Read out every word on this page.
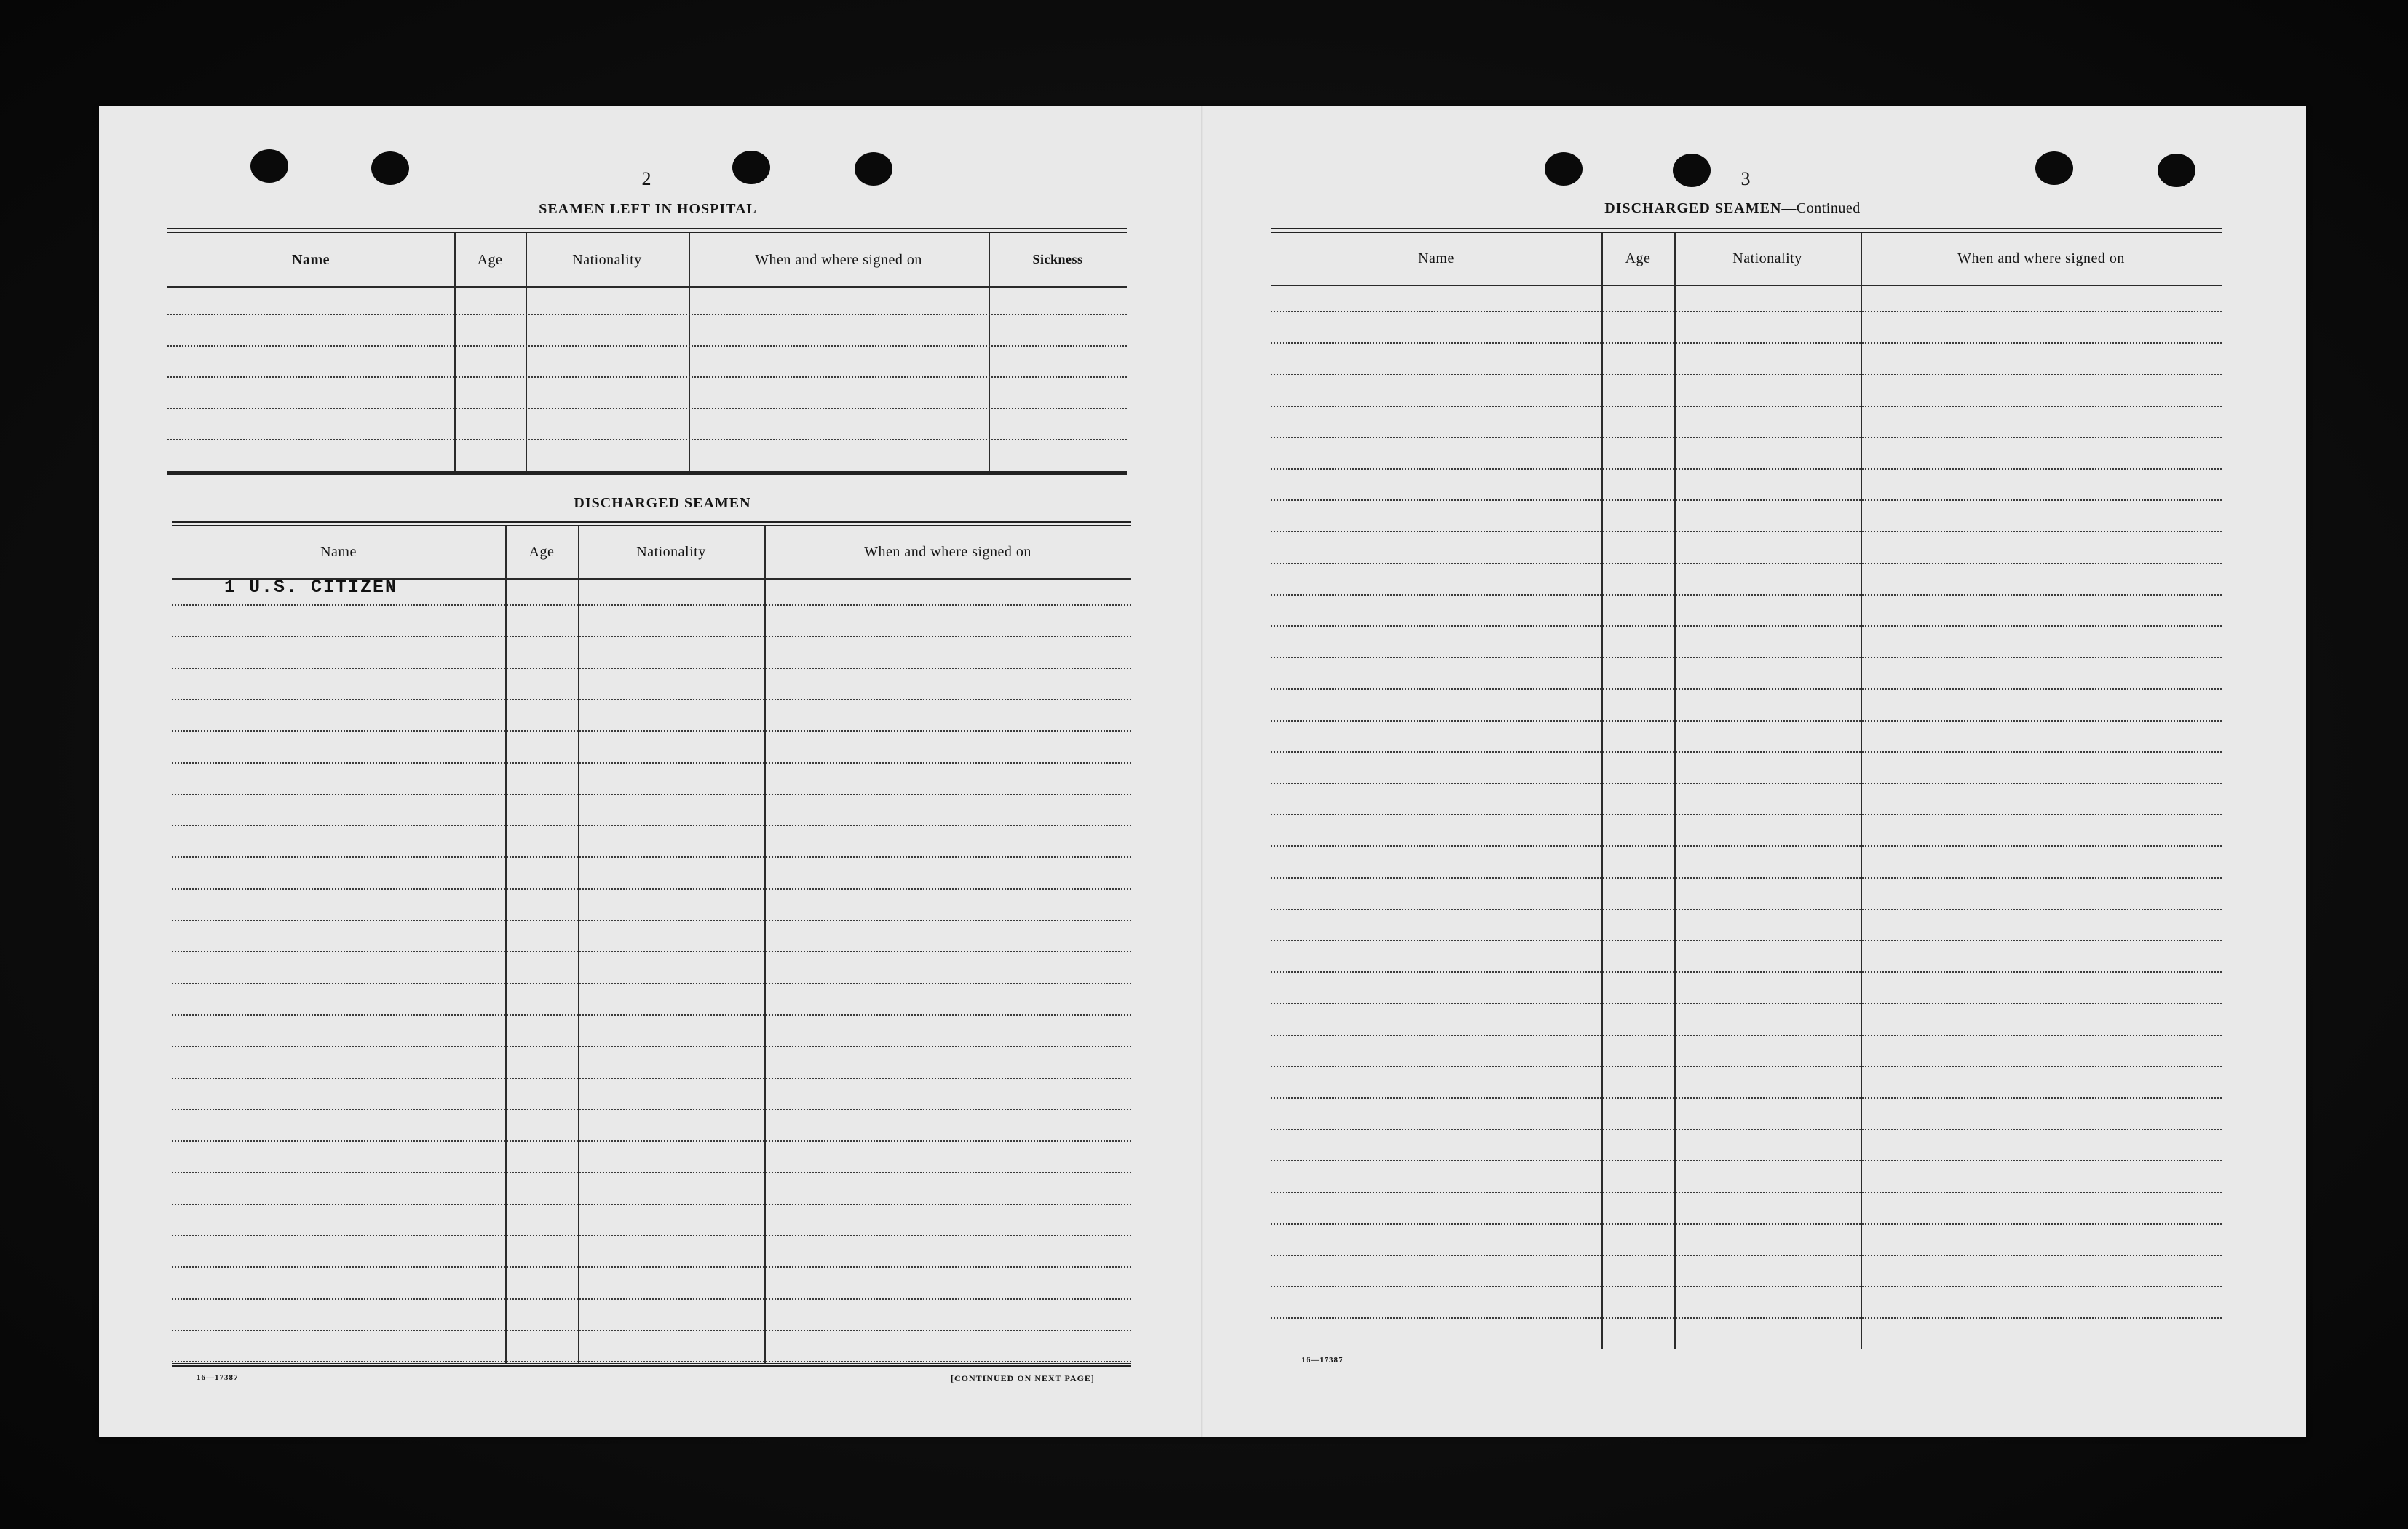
2
SEAMEN LEFT IN HOSPITAL
Name	Age	Nationality	When and where signed on	Sickness
DISCHARGED SEAMEN
Name	Age	Nationality	When and where signed on
1 U.S. CITIZEN
16—17387	[CONTINUED ON NEXT PAGE]
3
DISCHARGED SEAMEN—Continued
Name	Age	Nationality	When and where signed on
16—17387
